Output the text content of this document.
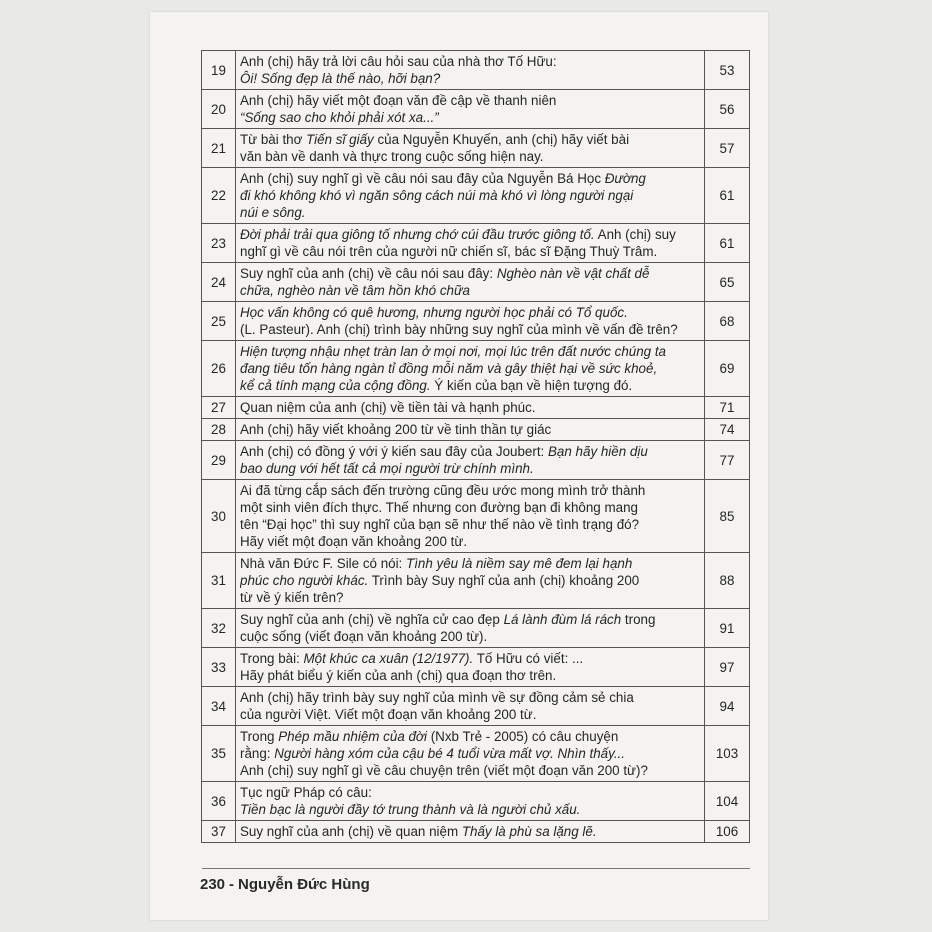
19	Anh (chị) hãy trả lời câu hỏi sau của nhà thơ Tố Hữu:
Ôi! Sống đẹp là thế nào, hỡi bạn?	53
20	Anh (chị) hãy viết một đoạn văn đề cập về thanh niên
“Sống sao cho khỏi phải xót xa...”	56
21	Từ bài thơ Tiến sĩ giấy của Nguyễn Khuyến, anh (chị) hãy viết bài
văn bàn về danh và thực trong cuộc sống hiện nay.	57
22	Anh (chị) suy nghĩ gì về câu nói sau đây của Nguyễn Bá Học Đường
đi khó không khó vì ngăn sông cách núi mà khó vì lòng người ngại
núi e sông.	61
23	Đời phải trải qua giông tố nhưng chớ cúi đầu trước giông tố. Anh (chị) suy
nghĩ gì về câu nói trên của người nữ chiến sĩ, bác sĩ Đặng Thuỳ Trâm.	61
24	Suy nghĩ của anh (chị) về câu nói sau đây: Nghèo nàn về vật chất dễ
chữa, nghèo nàn về tâm hồn khó chữa	65
25	Học vấn không có quê hương, nhưng người học phải có Tổ quốc.
(L. Pasteur). Anh (chị) trình bày những suy nghĩ của mình về vấn đề trên?	68
26	Hiện tượng nhậu nhẹt tràn lan ở mọi nơi, mọi lúc trên đất nước chúng ta
đang tiêu tốn hàng ngàn tỉ đồng mỗi năm và gây thiệt hại về sức khoẻ,
kể cả tính mạng của cộng đồng. Ý kiến của bạn về hiện tượng đó.	69
27	Quan niệm của anh (chị) về tiền tài và hạnh phúc.	71
28	Anh (chị) hãy viết khoảng 200 từ về tinh thần tự giác	74
29	Anh (chị) có đồng ý với ý kiến sau đây của Joubert: Bạn hãy hiền dịu
bao dung với hết tất cả mọi người trừ chính mình.	77
30	Ai đã từng cắp sách đến trường cũng đều ước mong mình trở thành
một sinh viên đích thực. Thế nhưng con đường bạn đi không mang
tên “Đại học” thì suy nghĩ của bạn sẽ như thế nào về tình trạng đó?
Hãy viết một đoạn văn khoảng 200 từ.	85
31	Nhà văn Đức F. Sile có nói: Tình yêu là niềm say mê đem lại hạnh
phúc cho người khác. Trình bày Suy nghĩ của anh (chị) khoảng 200
từ về ý kiến trên?	88
32	Suy nghĩ của anh (chị) về nghĩa cử cao đẹp Lá lành đùm lá rách trong
cuộc sống (viết đoạn văn khoảng 200 từ).	91
33	Trong bài: Một khúc ca xuân (12/1977). Tố Hữu có viết: ...
Hãy phát biểu ý kiến của anh (chị) qua đoạn thơ trên.	97
34	Anh (chị) hãy trình bày suy nghĩ của mình về sự đồng cảm sẻ chia
của người Việt. Viết một đoạn văn khoảng 200 từ.	94
35	Trong Phép mầu nhiệm của đời (Nxb Trẻ - 2005) có câu chuyện
rằng: Người hàng xóm của cậu bé 4 tuổi vừa mất vợ. Nhìn thấy...
Anh (chị) suy nghĩ gì về câu chuyện trên (viết một đoạn văn 200 từ)?	103
36	Tục ngữ Pháp có câu:
Tiền bạc là người đầy tớ trung thành và là người chủ xấu.	104
37	Suy nghĩ của anh (chị) về quan niệm Thấy là phù sa lặng lẽ.	106
230 - Nguyễn Đức Hùng
